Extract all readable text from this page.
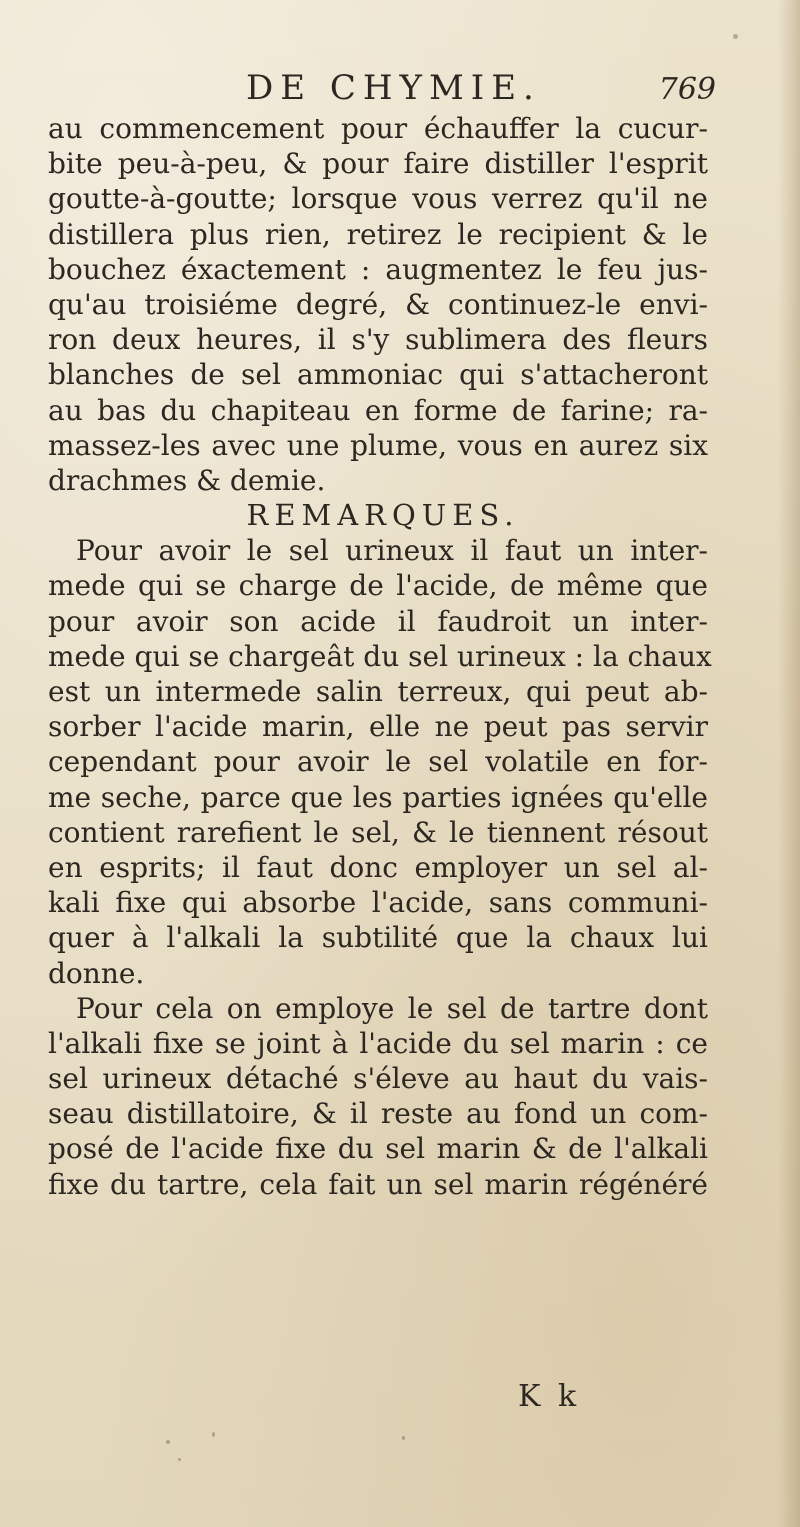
DE CHYMIE.	769
au commencement pour échauffer la cucur-
bite peu-à-peu, & pour faire distiller l'esprit
goutte-à-goutte; lorsque vous verrez qu'il ne
distillera plus rien, retirez le recipient & le
bouchez éxactement : augmentez le feu jus-
qu'au troisiéme degré, & continuez-le envi-
ron deux heures, il s'y sublimera des fleurs
blanches de sel ammoniac qui s'attacheront
au bas du chapiteau en forme de farine; ra-
massez-les avec une plume, vous en aurez six
drachmes & demie.
REMARQUES.
Pour avoir le sel urineux il faut un inter-
mede qui se charge de l'acide, de même que
pour avoir son acide il faudroit un inter-
mede qui se chargeât du sel urineux : la chaux
est un intermede salin terreux, qui peut ab-
sorber l'acide marin, elle ne peut pas servir
cependant pour avoir le sel volatile en for-
me seche, parce que les parties ignées qu'elle
contient rarefient le sel, & le tiennent résout
en esprits; il faut donc employer un sel al-
kali fixe qui absorbe l'acide, sans communi-
quer à l'alkali la subtilité que la chaux lui
donne.
Pour cela on employe le sel de tartre dont
l'alkali fixe se joint à l'acide du sel marin : ce
sel urineux détaché s'éleve au haut du vais-
seau distillatoire, & il reste au fond un com-
posé de l'acide fixe du sel marin & de l'alkali
fixe du tartre, cela fait un sel marin régénéré
K k
